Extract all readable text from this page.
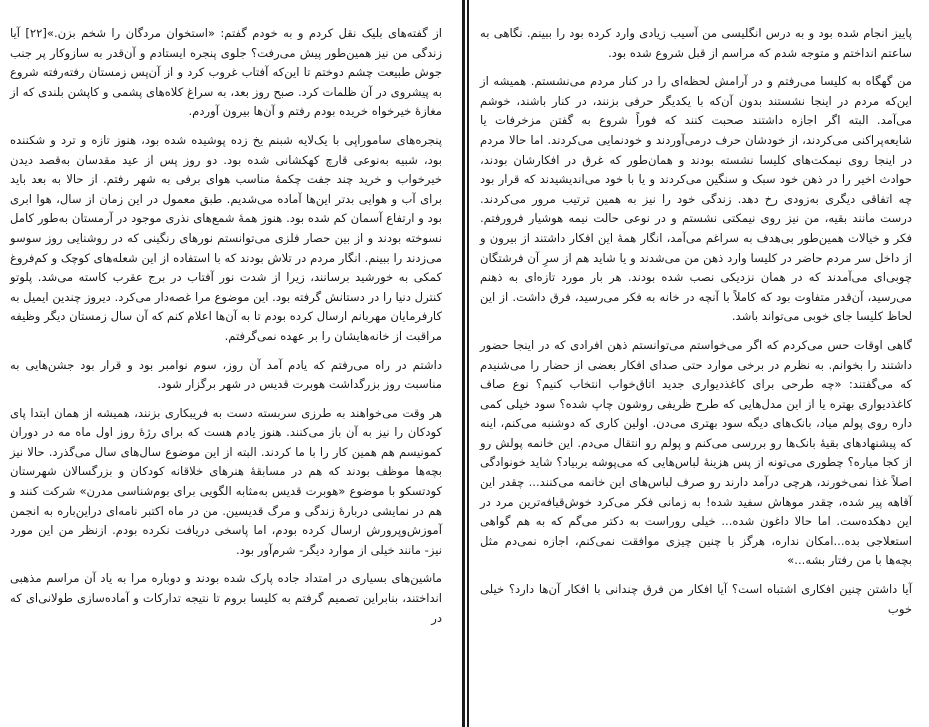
از گفته‌های بلیک نقل کردم و به خودم گفتم: «استخوان مردگان را شخم بزن.»[۲۲] آیا زندگی من نیز همین‌طور پیش می‌رفت؟ جلوی پنجره ایستادم و آن‌قدر به سازوکار پر جنب جوش طبیعت چشم دوختم تا این‌که آفتاب غروب کرد و از آن‌پس زمستان رفته‌رفته شروع به پیشروی در آن ظلمات کرد. صبح روز بعد، به سراغ کلاه‌های پشمی و کاپشن بلندی که از مغازهٔ خیرخواه خریده بودم رفتم و آن‌ها بیرون آوردم.

پنجره‌های ساموراپی با یک‌لایه شبنم یخ زده پوشیده شده بود، هنوز تازه و ترد و شکننده بود، شبیه به‌نوعی قارچ کهکشانی شده بود. دو روز پس از عید مقدسان به‌قصد دیدن خیرخواب و خرید چند جفت چکمهٔ مناسب هوای برفی به شهر رفتم. از حالا به بعد باید برای آب و هوایی بدتر این‌ها آماده می‌شدیم. طبق معمول در این زمان از سال، هوا ابری بود و ارتفاع آسمان کم شده بود. هنوز همهٔ شمع‌های نذری موجود در آرمستان به‌طور کامل نسوخته بودند و از بین حصار فلزی می‌توانستم نورهای رنگینی که در روشنایی روز سوسو می‌زدند را ببینم. انگار مردم در تلاش بودند که با استفاده از این شعله‌های کوچک و کم‌فروغ کمکی به خورشید برسانند، زیرا از شدت نور آفتاب در برج عقرب کاسته می‌شد. پلوتو کنترل دنیا را در دستانش گرفته بود. این موضوع مرا غصه‌دار می‌کرد. دیروز چندین ایمیل به کارفرمایان مهربانم ارسال کرده بودم تا به آن‌ها اعلام کنم که آن سال زمستان دیگر وظیفه مراقبت از خانه‌هایشان را بر عهده نمی‌گرفتم.

داشتم در راه می‌رفتم که یادم آمد آن روز، سوم نوامبر بود و قرار بود جشن‌هایی به مناسبت روز بزرگداشت هوبرت قدیس در شهر برگزار شود.

هر وقت می‌خواهند به طرزی سربسته دست به فریبکاری بزنند، همیشه از همان ابتدا پای کودکان را نیز به آن باز می‌کنند. هنوز یادم هست که برای رژهٔ روز اول ماه مه در دوران کمونیسم هم همین کار را با ما کردند. البته از این موضوع سال‌های سال می‌گذرد. حالا نیز بچه‌ها موظف بودند که هم در مسابقهٔ هنرهای خلاقانه کودکان و بزرگسالان شهرستان کودتسکو با موضوع «هوبرت قدیس به‌مثابه الگویی برای بوم‌شناسی مدرن» شرکت کنند و هم در نمایشی دربارهٔ زندگی و مرگ قدیسین. من در ماه اکتبر نامه‌ای دراین‌باره به انجمن آموزش‌وپرورش ارسال کرده بودم، اما پاسخی دریافت نکرده بودم. ازنظر من این مورد نیز- مانند خیلی از موارد دیگر- شرم‌آور بود.

ماشین‌های بسیاری در امتداد جاده پارک شده بودند و دوباره مرا به یاد آن مراسم مذهبی انداختند، بنابراین تصمیم گرفتم به کلیسا بروم تا نتیجه تدارکات و آماده‌سازی طولانی‌ای که در

پاییز انجام شده بود و به درس انگلیسی من آسیب زیادی وارد کرده بود را ببینم. نگاهی به ساعتم انداختم و متوجه شدم که مراسم از قبل شروع شده بود.

من گهگاه به کلیسا می‌رفتم و در آرامش لحظه‌ای را در کنار مردم می‌نشستم. همیشه از این‌که مردم در اینجا نشستند بدون آن‌که با یکدیگر حرفی بزنند، در کنار باشند، خوشم می‌آمد. البته اگر اجازه داشتند صحبت کنند که فوراً شروع به گفتن مزخرفات یا شایعه‌پراکنی می‌کردند، از خودشان حرف درمی‌آوردند و خودنمایی می‌کردند. اما حالا مردم در اینجا روی نیمکت‌های کلیسا نشسته بودند و همان‌طور که غرق در افکارشان بودند، حوادث اخیر را در ذهن خود سبک و سنگین می‌کردند و یا با خود می‌اندیشیدند که قرار بود چه اتفاقی دیگری به‌زودی رخ دهد. زندگی خود را نیز به همین ترتیب مرور می‌کردند. درست مانند بقیه، من نیز روی نیمکتی نشستم و در نوعی حالت نیمه هوشیار فرورفتم. فکر و خیالات همین‌طور بی‌هدف به سراغم می‌آمد، انگار همهٔ این افکار داشتند از بیرون و از داخل سر مردم حاضر در کلیسا وارد ذهن من می‌شدند و یا شاید هم از سرِ آن فرشتگان چوبی‌ای می‌آمدند که در همان نزدیکی نصب شده بودند. هر بار مورد تازه‌ای به ذهنم می‌رسید، آن‌قدر متفاوت بود که کاملاً با آنچه در خانه به فکر می‌رسید، فرق داشت. از این لحاظ کلیسا جای خوبی می‌تواند باشد.

گاهی اوقات حس می‌کردم که اگر می‌خواستم می‌توانستم ذهن افرادی که در اینجا حضور داشتند را بخوانم. به نظرم در برخی موارد حتی صدای افکار بعضی از حضار را می‌شنیدم که می‌گفتند: «چه طرحی برای کاغذدیواری جدید اتاق‌خواب انتخاب کنیم؟ نوع صاف کاغذدیواری بهتره یا از این مدل‌هایی که طرح ظریفی روشون چاپ شده؟ سود خیلی کمی داره روی پولم میاد، بانک‌های دیگه سود بهتری می‌دن. اولین کاری که دوشنبه می‌کنم، اینه که پیشنهادهای بقیهٔ بانک‌ها رو بررسی می‌کنم و پولم رو انتقال می‌دم. این خانمه پولش رو از کجا میاره؟ چطوری می‌تونه از پس هزینهٔ لباس‌هایی که می‌پوشه بربیاد؟ شاید خونوادگی اصلاً غذا نمی‌خورند، هرچی درآمد دارند رو صرف لباس‌های این خانمه می‌کنند... چقدر این آقاهه پیر شده، چقدر موهاش سفید شده! به زمانی فکر می‌کرد خوش‌قیافه‌ترین مرد در این دهکده‌ست. اما حالا داغون شده... خیلی روراست به دکتر می‌گم که به هم گواهی استعلاجی بده...امکان نداره، هرگز با چنین چیزی موافقت نمی‌کنم، اجازه نمی‌دم مثل بچه‌ها با من رفتار بشه...»

آیا داشتن چنین افکاری اشتباه است؟ آیا افکار من فرق چندانی با افکار آن‌ها دارد؟ خیلی خوب
